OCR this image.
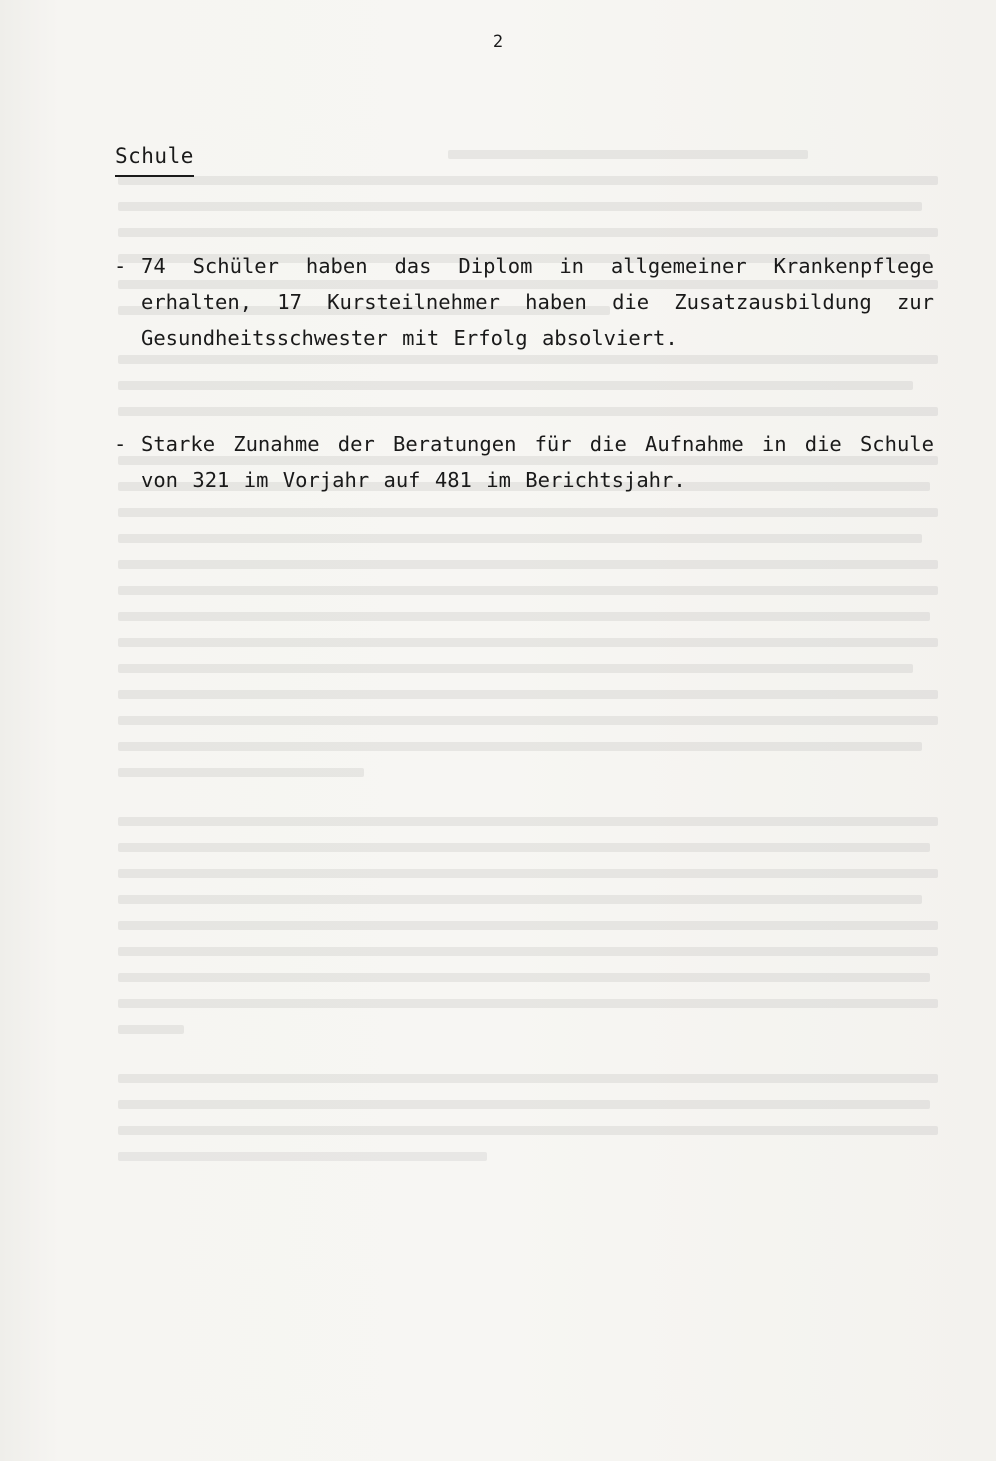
2
Schule
- 74 Schüler haben das Diplom in allgemeiner Krankenpflege erhalten, 17 Kursteilnehmer haben die Zusatzausbildung zur Gesundheitsschwester mit Erfolg absolviert.
- Starke Zunahme der Beratungen für die Aufnahme in die Schule von 321 im Vorjahr auf 481 im Berichtsjahr.
